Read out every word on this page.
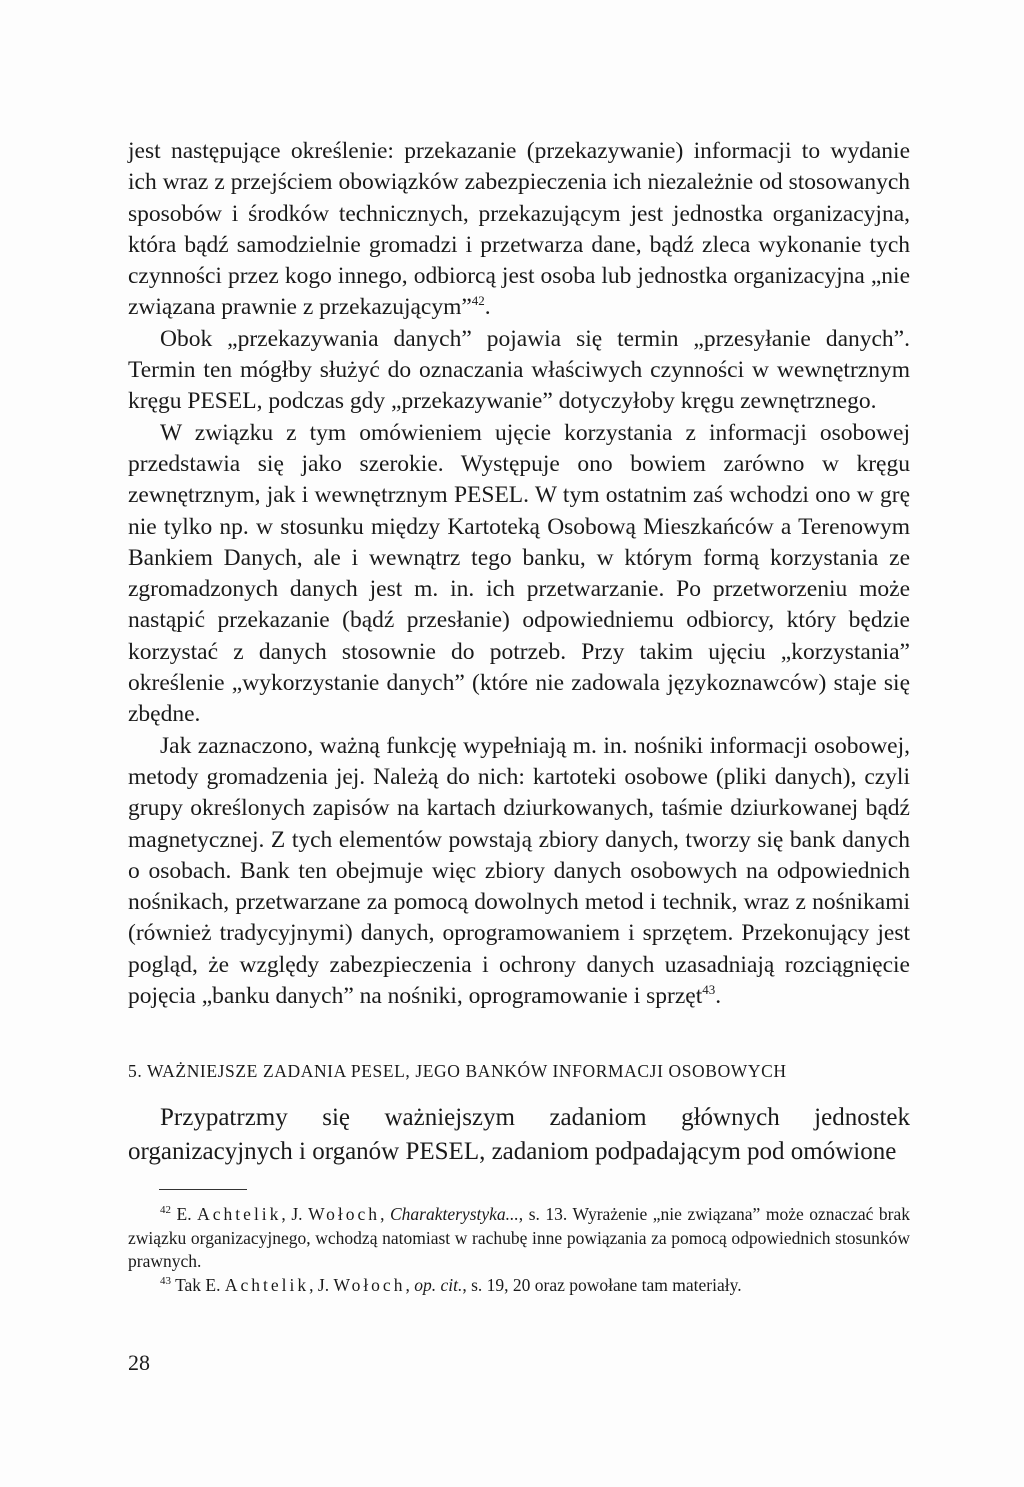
jest następujące określenie: przekazanie (przekazywanie) informacji to wydanie ich wraz z przejściem obowiązków zabezpieczenia ich niezależnie od stosowanych sposobów i środków technicznych, przekazującym jest jednostka organizacyjna, która bądź samodzielnie gromadzi i przetwarza dane, bądź zleca wykonanie tych czynności przez kogo innego, odbiorcą jest osoba lub jednostka organizacyjna „nie związana prawnie z przekazującym”$^{42}$.

Obok „przekazywania danych” pojawia się termin „przesyłanie danych”. Termin ten mógłby służyć do oznaczania właściwych czynności w wewnętrznym kręgu PESEL, podczas gdy „przekazywanie” dotyczyłoby kręgu zewnętrznego.

W związku z tym omówieniem ujęcie korzystania z informacji osobowej przedstawia się jako szerokie. Występuje ono bowiem zarówno w kręgu zewnętrznym, jak i wewnętrznym PESEL. W tym ostatnim zaś wchodzi ono w grę nie tylko np. w stosunku między Kartoteką Osobową Mieszkańców a Terenowym Bankiem Danych, ale i wewnątrz tego banku, w którym formą korzystania ze zgromadzonych danych jest m. in. ich przetwarzanie. Po przetworzeniu może nastąpić przekazanie (bądź przesłanie) odpowiedniemu odbiorcy, który będzie korzystać z danych stosownie do potrzeb. Przy takim ujęciu „korzystania” określenie „wykorzystanie danych” (które nie zadowala językoznawców) staje się zbędne.

Jak zaznaczono, ważną funkcję wypełniają m. in. nośniki informacji osobowej, metody gromadzenia jej. Należą do nich: kartoteki osobowe (pliki danych), czyli grupy określonych zapisów na kartach dziurkowanych, taśmie dziurkowanej bądź magnetycznej. Z tych elementów powstają zbiory danych, tworzy się bank danych o osobach. Bank ten obejmuje więc zbiory danych osobowych na odpowiednich nośnikach, przetwarzane za pomocą dowolnych metod i technik, wraz z nośnikami (również tradycyjnymi) danych, oprogramowaniem i sprzętem. Przekonujący jest pogląd, że względy zabezpieczenia i ochrony danych uzasadniają rozciągnięcie pojęcia „banku danych” na nośniki, oprogramowanie i sprzęt$^{43}$.

5. WAŻNIEJSZE ZADANIA PESEL, JEGO BANKÓW INFORMACJI OSOBOWYCH

Przypatrzmy się ważniejszym zadaniom głównych jednostek organizacyjnych i organów PESEL, zadaniom podpadającym pod omówione

$^{42}$ E. Achtelik, J. Wołoch, Charakterystyka..., s. 13. Wyrażenie „nie związana” może oznaczać brak związku organizacyjnego, wchodzą natomiast w rachubę inne powiązania za pomocą odpowiednich stosunków prawnych.

$^{43}$ Tak E. Achtelik, J. Wołoch, op. cit., s. 19, 20 oraz powołane tam materiały.

28
